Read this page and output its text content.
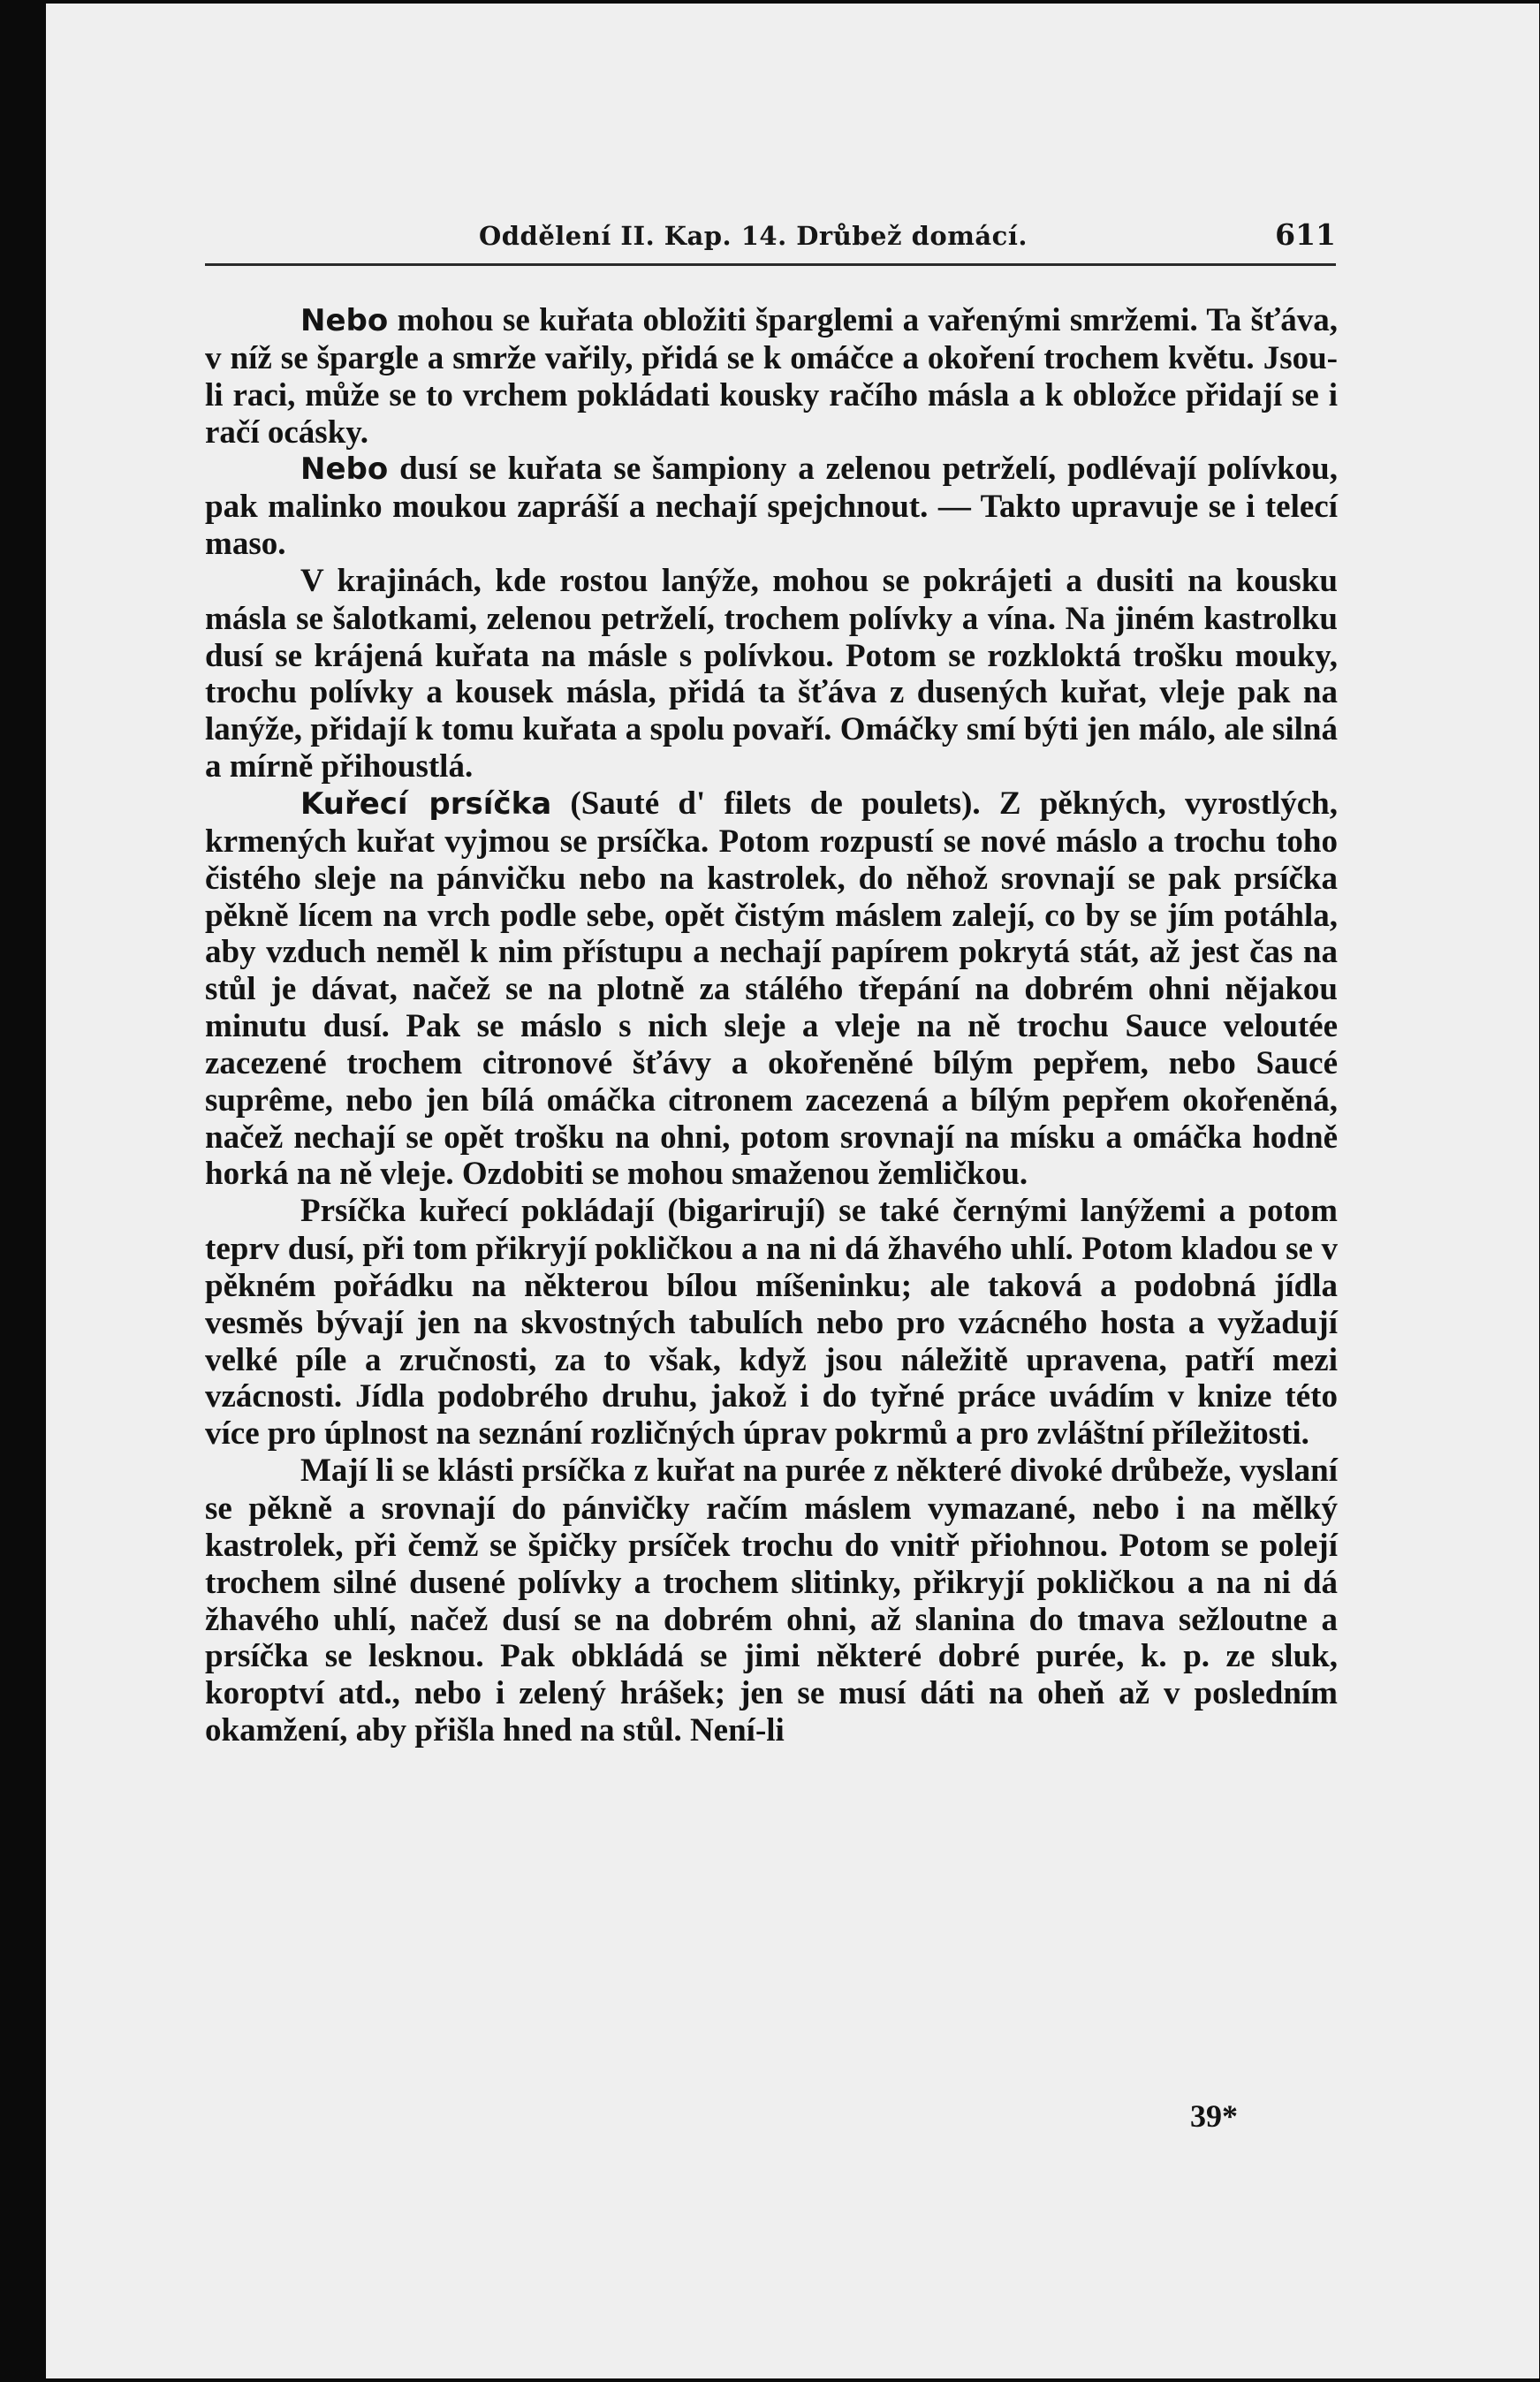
Oddělení II. Kap. 14. Drůbež domácí.	611

Nebo mohou se kuřata obložiti šparglemi a vařenými smržemi. Ta šťáva, v níž se špargle a smrže vařily, přidá se k omáčce a okoření trochem květu. Jsou-li raci, může se to vrchem pokládati kousky račího másla a k obložce přidají se i račí ocásky.

Nebo dusí se kuřata se šampiony a zelenou petrželí, podlévají polívkou, pak malinko moukou zapráší a nechají spejchnout. — Takto upravuje se i telecí maso.

V krajinách, kde rostou lanýže, mohou se pokrájeti a dusiti na kousku másla se šalotkami, zelenou petrželí, trochem polívky a vína. Na jiném kastrolku dusí se krájená kuřata na másle s polívkou. Potom se rozkloktá trošku mouky, trochu polívky a kousek másla, přidá ta šťáva z dusených kuřat, vleje pak na lanýže, přidají k tomu kuřata a spolu povaří. Omáčky smí býti jen málo, ale silná a mírně přihoustlá.

Kuřecí prsíčka (Sauté d' filets de poulets). Z pěkných, vyrostlých, krmených kuřat vyjmou se prsíčka. Potom rozpustí se nové máslo a trochu toho čistého sleje na pánvičku nebo na kastrolek, do něhož srovnají se pak prsíčka pěkně lícem na vrch podle sebe, opět čistým máslem zalejí, co by se jím potáhla, aby vzduch neměl k nim přístupu a nechají papírem pokrytá stát, až jest čas na stůl je dávat, načež se na plotně za stálého třepání na dobrém ohni nějakou minutu dusí. Pak se máslo s nich sleje a vleje na ně trochu Sauce veloutée zacezené trochem citronové šťávy a okořeněné bílým pepřem, nebo Saucé suprême, nebo jen bílá omáčka citronem zacezená a bílým pepřem okořeněná, načež nechají se opět trošku na ohni, potom srovnají na mísku a omáčka hodně horká na ně vleje. Ozdobiti se mohou smaženou žemličkou.

Prsíčka kuřecí pokládají (bigarirují) se také černými lanýžemi a potom teprv dusí, při tom přikryjí pokličkou a na ni dá žhavého uhlí. Potom kladou se v pěkném pořádku na některou bílou míšeninku; ale taková a podobná jídla vesměs bývají jen na skvostných tabulích nebo pro vzácného hosta a vyžadují velké píle a zručnosti, za to však, když jsou náležitě upravena, patří mezi vzácnosti. Jídla podobrého druhu, jakož i do tyřné práce uvádím v knize této více pro úplnost na seznání rozličných úprav pokrmů a pro zvláštní příležitosti.

Mají li se klásti prsíčka z kuřat na purée z některé divoké drůbeže, vyslaní se pěkně a srovnají do pánvičky račím máslem vymazané, nebo i na mělký kastrolek, při čemž se špičky prsíček trochu do vnitř přiohnou. Potom se polejí trochem silné dusené polívky a trochem slitinky, přikryjí pokličkou a na ni dá žhavého uhlí, načež dusí se na dobrém ohni, až slanina do tmava sežloutne a prsíčka se lesknou. Pak obkládá se jimi některé dobré purée, k. p. ze sluk, koroptví atd., nebo i zelený hrášek; jen se musí dáti na oheň až v posledním okamžení, aby přišla hned na stůl. Není-li

39*
